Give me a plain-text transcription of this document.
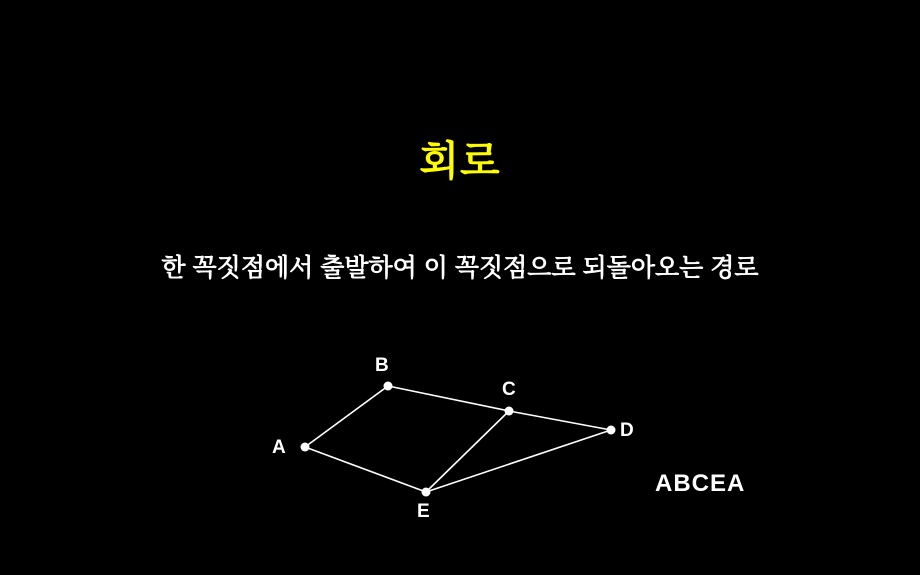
회로
한 꼭짓점에서 출발하여 이 꼭짓점으로 되돌아오는 경로
A
B
C
D
E
ABCEA
